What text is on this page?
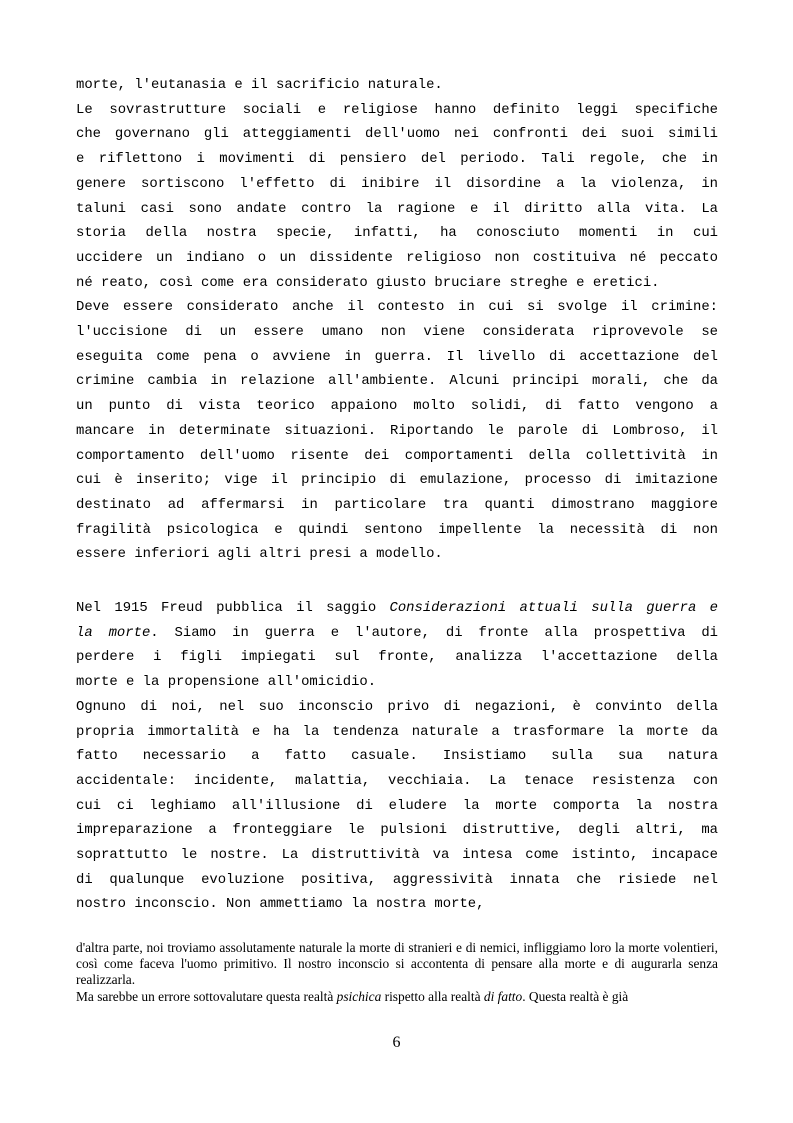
morte, l'eutanasia e il sacrificio naturale.
Le sovrastrutture sociali e religiose hanno definito leggi specifiche
che governano gli atteggiamenti dell'uomo nei confronti dei suoi simili
e riflettono i movimenti di pensiero del periodo. Tali regole, che in
genere sortiscono l'effetto di inibire il disordine a la violenza, in
taluni casi sono andate contro la ragione e il diritto alla vita. La
storia della nostra specie, infatti, ha conosciuto momenti in cui
uccidere un indiano o un dissidente religioso non costituiva né peccato
né reato, così come era considerato giusto bruciare streghe e eretici.
Deve essere considerato anche il contesto in cui si svolge il crimine:
l'uccisione di un essere umano non viene considerata riprovevole se
eseguita come pena o avviene in guerra. Il livello di accettazione del
crimine cambia in relazione all'ambiente. Alcuni principi morali, che da
un punto di vista teorico appaiono molto solidi, di fatto vengono a
mancare in determinate situazioni. Riportando le parole di Lombroso, il
comportamento dell'uomo risente dei comportamenti della collettività in
cui è inserito; vige il principio di emulazione, processo di imitazione
destinato ad affermarsi in particolare tra quanti dimostrano maggiore
fragilità psicologica e quindi sentono impellente la necessità di non
essere inferiori agli altri presi a modello.
Nel 1915 Freud pubblica il saggio Considerazioni attuali sulla guerra e
la morte. Siamo in guerra e l'autore, di fronte alla prospettiva di
perdere i figli impiegati sul fronte, analizza l'accettazione della
morte e la propensione all'omicidio.
Ognuno di noi, nel suo inconscio privo di negazioni, è convinto della
propria immortalità e ha la tendenza naturale a trasformare la morte da
fatto necessario a fatto casuale. Insistiamo sulla sua natura
accidentale: incidente, malattia, vecchiaia. La tenace resistenza con
cui ci leghiamo all'illusione di eludere la morte comporta la nostra
impreparazione a fronteggiare le pulsioni distruttive, degli altri, ma
soprattutto le nostre. La distruttività va intesa come istinto, incapace
di qualunque evoluzione positiva, aggressività innata che risiede nel
nostro inconscio. Non ammettiamo la nostra morte,

d'altra parte, noi troviamo assolutamente naturale la morte di stranieri e di nemici, infliggiamo loro la morte volentieri, così come faceva l'uomo primitivo. Il nostro inconscio si accontenta di pensare alla morte e di augurarla senza realizzarla.

Ma sarebbe un errore sottovalutare questa realtà psichica rispetto alla realtà di fatto. Questa realtà è già

6
